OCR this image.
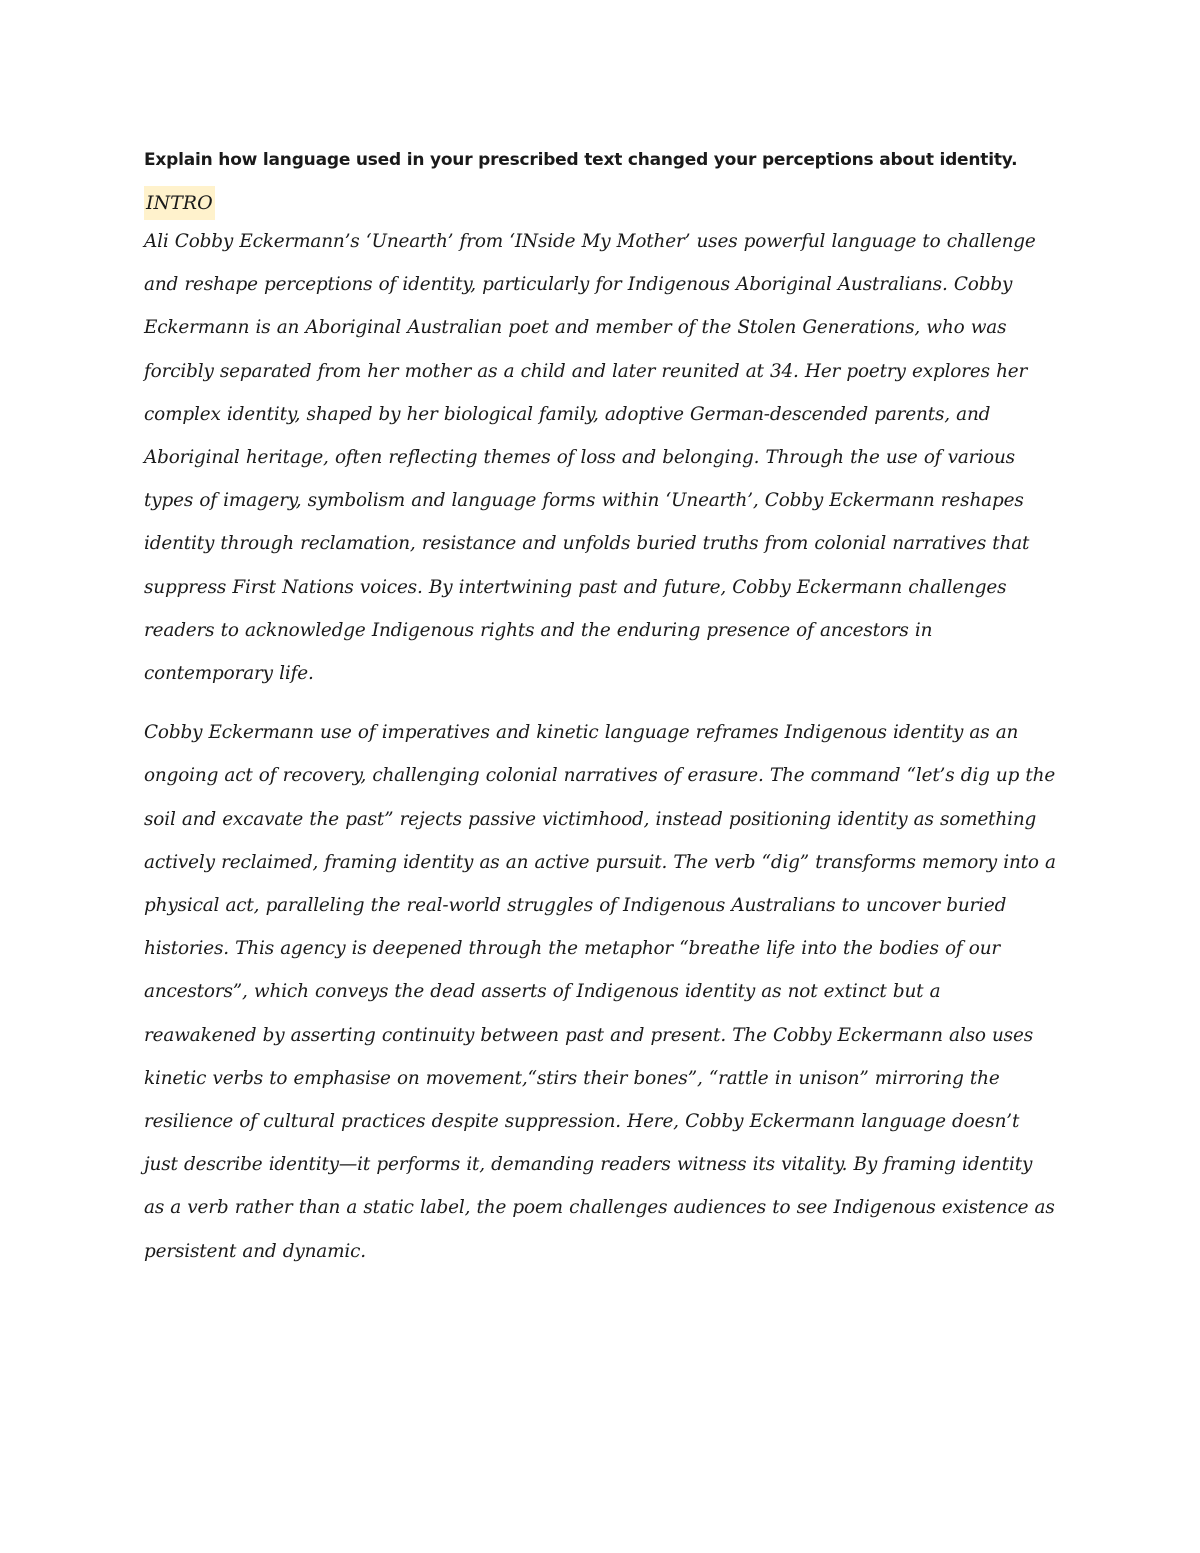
Explain how language used in your prescribed text changed your perceptions about identity.

INTRO

Ali Cobby Eckermann’s ‘Unearth’ from ‘INside My Mother’ uses powerful language to challenge and reshape perceptions of identity, particularly for Indigenous Aboriginal Australians. Cobby Eckermann is an Aboriginal Australian poet and member of the Stolen Generations, who was forcibly separated from her mother as a child and later reunited at 34. Her poetry explores her complex identity, shaped by her biological family, adoptive German-descended parents, and Aboriginal heritage, often reflecting themes of loss and belonging. Through the use of various types of imagery, symbolism and language forms within ‘Unearth’, Cobby Eckermann reshapes identity through reclamation, resistance and unfolds buried truths from colonial narratives that suppress First Nations voices. By intertwining past and future, Cobby Eckermann challenges readers to acknowledge Indigenous rights and the enduring presence of ancestors in contemporary life.

Cobby Eckermann use of imperatives and kinetic language reframes Indigenous identity as an ongoing act of recovery, challenging colonial narratives of erasure. The command “let’s dig up the soil and excavate the past” rejects passive victimhood, instead positioning identity as something actively reclaimed, framing identity as an active pursuit. The verb “dig” transforms memory into a physical act, paralleling the real-world struggles of Indigenous Australians to uncover buried histories. This agency is deepened through the metaphor “breathe life into the bodies of our ancestors”, which conveys the dead asserts of Indigenous identity as not extinct but a reawakened by asserting continuity between past and present. The Cobby Eckermann also uses kinetic verbs to emphasise on movement,“stirs their bones”, “rattle in unison” mirroring the resilience of cultural practices despite suppression. Here, Cobby Eckermann language doesn’t just describe identity—it performs it, demanding readers witness its vitality. By framing identity as a verb rather than a static label, the poem challenges audiences to see Indigenous existence as persistent and dynamic.
